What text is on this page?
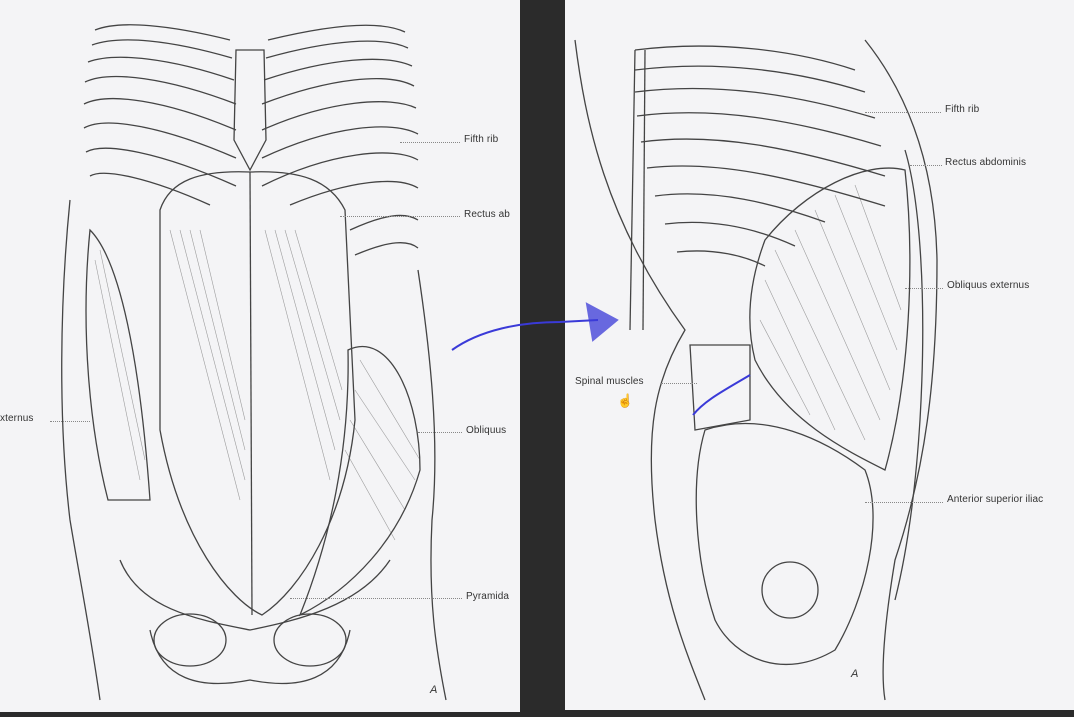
Fifth rib
Rectus ab
xternus
Obliquus
Pyramida
A
Fifth rib
Rectus abdominis
Obliquus externus
Spinal muscles
Anterior superior iliac
☝
A
